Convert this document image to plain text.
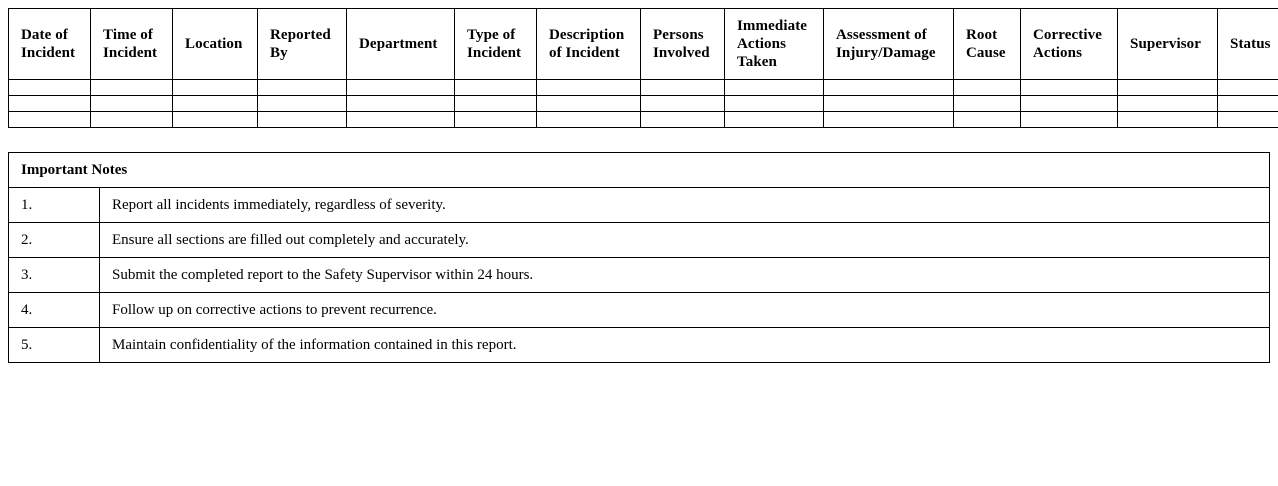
Date of Incident	Time of Incident	Location	Reported By	Department	Type of Incident	Description of Incident	Persons Involved	Immediate Actions Taken	Assessment of Injury/Damage	Root Cause	Corrective Actions	Supervisor	Status

Important Notes	
1.	Report all incidents immediately, regardless of severity.
2.	Ensure all sections are filled out completely and accurately.
3.	Submit the completed report to the Safety Supervisor within 24 hours.
4.	Follow up on corrective actions to prevent recurrence.
5.	Maintain confidentiality of the information contained in this report.
